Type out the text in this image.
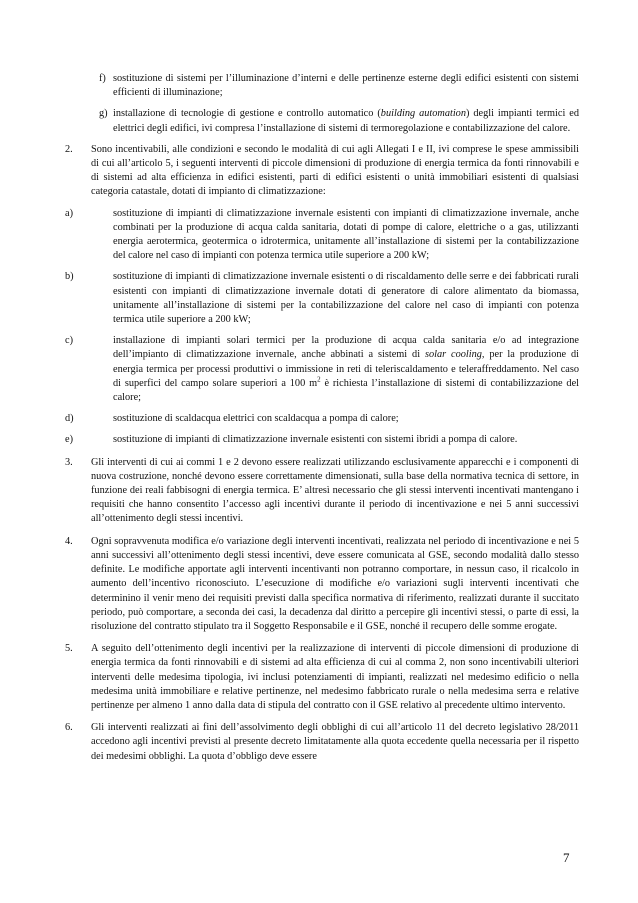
f) sostituzione di sistemi per l’illuminazione d’interni e delle pertinenze esterne degli edifici esistenti con sistemi efficienti di illuminazione;
g) installazione di tecnologie di gestione e controllo automatico (building automation) degli impianti termici ed elettrici degli edifici, ivi compresa l’installazione di sistemi di termoregolazione e contabilizzazione del calore.
2. Sono incentivabili, alle condizioni e secondo le modalità di cui agli Allegati I e II, ivi comprese le spese ammissibili di cui all’articolo 5, i seguenti interventi di piccole dimensioni di produzione di energia termica da fonti rinnovabili e di sistemi ad alta efficienza in edifici esistenti, parti di edifici esistenti o unità immobiliari esistenti di qualsiasi categoria catastale, dotati di impianto di climatizzazione:
a)	sostituzione di impianti di climatizzazione invernale esistenti con impianti di climatizzazione invernale, anche combinati per la produzione di acqua calda sanitaria, dotati di pompe di calore, elettriche o a gas, utilizzanti energia aerotermica, geotermica o idrotermica, unitamente all’installazione di sistemi per la contabilizzazione del calore nel caso di impianti con potenza termica utile superiore a 200 kW;
b)	sostituzione di impianti di climatizzazione invernale esistenti o di riscaldamento delle serre e dei fabbricati rurali esistenti con impianti di climatizzazione invernale dotati di generatore di calore alimentato da biomassa, unitamente all’installazione di sistemi per la contabilizzazione del calore nel caso di impianti con potenza termica utile superiore a 200 kW;
c)	installazione di impianti solari termici per la produzione di acqua calda sanitaria e/o ad integrazione dell’impianto di climatizzazione invernale, anche abbinati a sistemi di solar cooling, per la produzione di energia termica per processi produttivi o immissione in reti di teleriscaldamento e teleraffreddamento. Nel caso di superfici del campo solare superiori a 100 $m^2$ è richiesta l’installazione di sistemi di contabilizzazione del calore;
d)	sostituzione di scaldacqua elettrici con scaldacqua a pompa di calore;
e)	sostituzione di impianti di climatizzazione invernale esistenti con sistemi ibridi a pompa di calore.
3. Gli interventi di cui ai commi 1 e 2 devono essere realizzati utilizzando esclusivamente apparecchi e i componenti di nuova costruzione, nonché devono essere correttamente dimensionati, sulla base della normativa tecnica di settore, in funzione dei reali fabbisogni di energia termica. E’ altresì necessario che gli stessi interventi incentivati mantengano i requisiti che hanno consentito l’accesso agli incentivi durante il periodo di incentivazione e nei 5 anni successivi all’ottenimento degli stessi incentivi.
4. Ogni sopravvenuta modifica e/o variazione degli interventi incentivati, realizzata nel periodo di incentivazione e nei 5 anni successivi all’ottenimento degli stessi incentivi, deve essere comunicata al GSE, secondo modalità dallo stesso definite. Le modifiche apportate agli interventi incentivanti non potranno comportare, in nessun caso, il ricalcolo in aumento dell’incentivo riconosciuto. L’esecuzione di modifiche e/o variazioni sugli interventi incentivati che determinino il venir meno dei requisiti previsti dalla specifica normativa di riferimento, realizzati durante il succitato periodo, può comportare, a seconda dei casi, la decadenza dal diritto a percepire gli incentivi stessi, o parte di essi, la risoluzione del contratto stipulato tra il Soggetto Responsabile e il GSE, nonché il recupero delle somme erogate.
5. A seguito dell’ottenimento degli incentivi per la realizzazione di interventi di piccole dimensioni di produzione di energia termica da fonti rinnovabili e di sistemi ad alta efficienza di cui al comma 2, non sono incentivabili ulteriori interventi delle medesima tipologia, ivi inclusi potenziamenti di impianti, realizzati nel medesimo edificio o nella medesima unità immobiliare e relative pertinenze, nel medesimo fabbricato rurale o nella medesima serra e relative pertinenze per almeno 1 anno dalla data di stipula del contratto con il GSE relativo al precedente ultimo intervento.
6. Gli interventi realizzati ai fini dell’assolvimento degli obblighi di cui all’articolo 11 del decreto legislativo 28/2011 accedono agli incentivi previsti al presente decreto limitatamente alla quota eccedente quella necessaria per il rispetto dei medesimi obblighi. La quota d’obbligo deve essere
7
